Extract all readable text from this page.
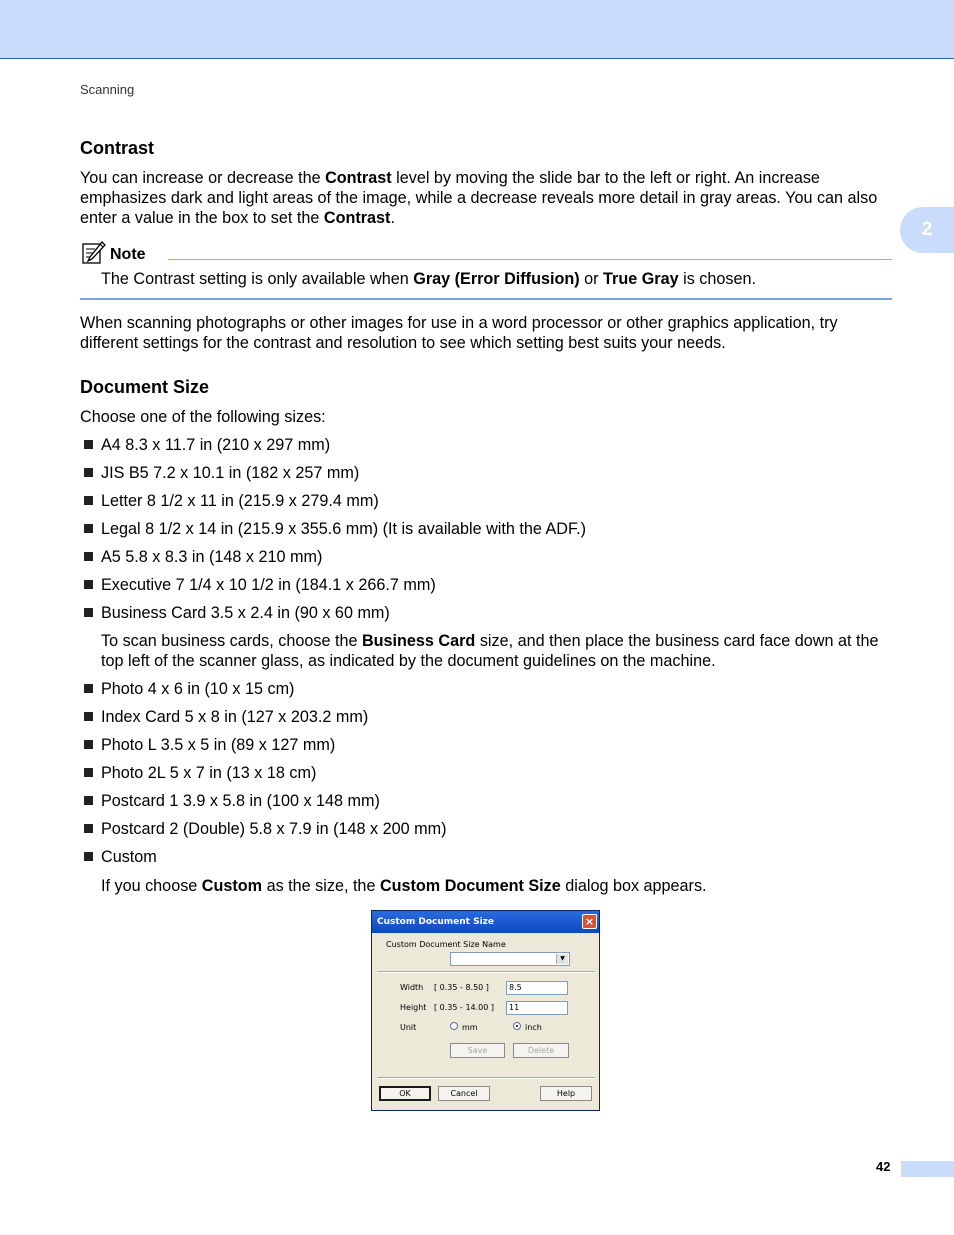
Scanning
2
Contrast
You can increase or decrease the Contrast level by moving the slide bar to the left or right. An increase emphasizes dark and light areas of the image, while a decrease reveals more detail in gray areas. You can also enter a value in the box to set the Contrast.
Note
The Contrast setting is only available when Gray (Error Diffusion) or True Gray is chosen.
When scanning photographs or other images for use in a word processor or other graphics application, try different settings for the contrast and resolution to see which setting best suits your needs.
Document Size
Choose one of the following sizes:
A4 8.3 x 11.7 in (210 x 297 mm)
JIS B5 7.2 x 10.1 in (182 x 257 mm)
Letter 8 1/2 x 11 in (215.9 x 279.4 mm)
Legal 8 1/2 x 14 in (215.9 x 355.6 mm) (It is available with the ADF.)
A5 5.8 x 8.3 in (148 x 210 mm)
Executive 7 1/4 x 10 1/2 in (184.1 x 266.7 mm)
Business Card 3.5 x 2.4 in (90 x 60 mm)
To scan business cards, choose the Business Card size, and then place the business card face down at the top left of the scanner glass, as indicated by the document guidelines on the machine.
Photo 4 x 6 in (10 x 15 cm)
Index Card 5 x 8 in (127 x 203.2 mm)
Photo L 3.5 x 5 in (89 x 127 mm)
Photo 2L 5 x 7 in (13 x 18 cm)
Postcard 1 3.9 x 5.8 in (100 x 148 mm)
Postcard 2 (Double) 5.8 x 7.9 in (148 x 200 mm)
Custom
If you choose Custom as the size, the Custom Document Size dialog box appears.
Custom Document Size	×
Custom Document Size Name
▼
Width [ 0.35 - 8.50 ]	8.5
Height [ 0.35 - 14.00 ]	11
Unit	mm	inch
Save	Delete
OK	Cancel	Help
42
